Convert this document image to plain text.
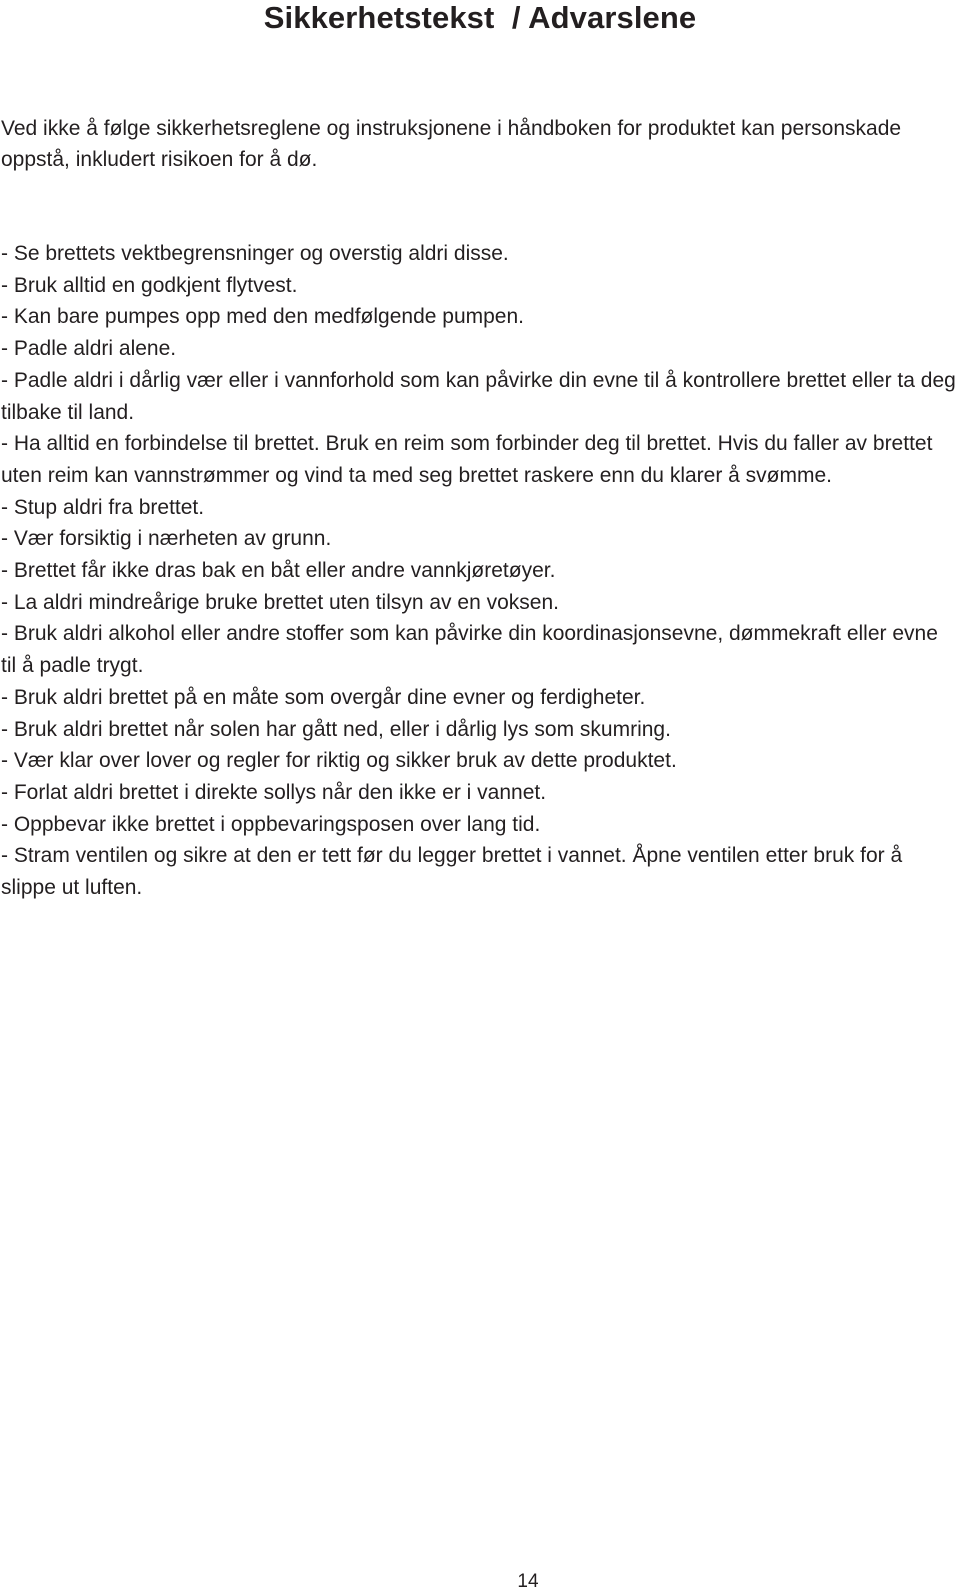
Sikkerhetstekst  / Advarslene

Ved ikke å følge sikkerhetsreglene og instruksjonene i håndboken for produktet kan personskade oppstå, inkludert risikoen for å dø.

- Se brettets vektbegrensninger og overstig aldri disse.
- Bruk alltid en godkjent flytvest.
- Kan bare pumpes opp med den medfølgende pumpen.
- Padle aldri alene.
- Padle aldri i dårlig vær eller i vannforhold som kan påvirke din evne til å kontrollere brettet eller ta deg tilbake til land.
- Ha alltid en forbindelse til brettet. Bruk en reim som forbinder deg til brettet. Hvis du faller av brettet uten reim kan vannstrømmer og vind ta med seg brettet raskere enn du klarer å svømme.
- Stup aldri fra brettet.
- Vær forsiktig i nærheten av grunn.
- Brettet får ikke dras bak en båt eller andre vannkjøretøyer.
- La aldri mindreårige bruke brettet uten tilsyn av en voksen.
- Bruk aldri alkohol eller andre stoffer som kan påvirke din koordinasjonsevne, dømmekraft eller evne til å padle trygt.
- Bruk aldri brettet på en måte som overgår dine evner og ferdigheter.
- Bruk aldri brettet når solen har gått ned, eller i dårlig lys som skumring.
- Vær klar over lover og regler for riktig og sikker bruk av dette produktet.
- Forlat aldri brettet i direkte sollys når den ikke er i vannet.
- Oppbevar ikke brettet i oppbevaringsposen over lang tid.
- Stram ventilen og sikre at den er tett før du legger brettet i vannet. Åpne ventilen etter bruk for å slippe ut luften.
14
